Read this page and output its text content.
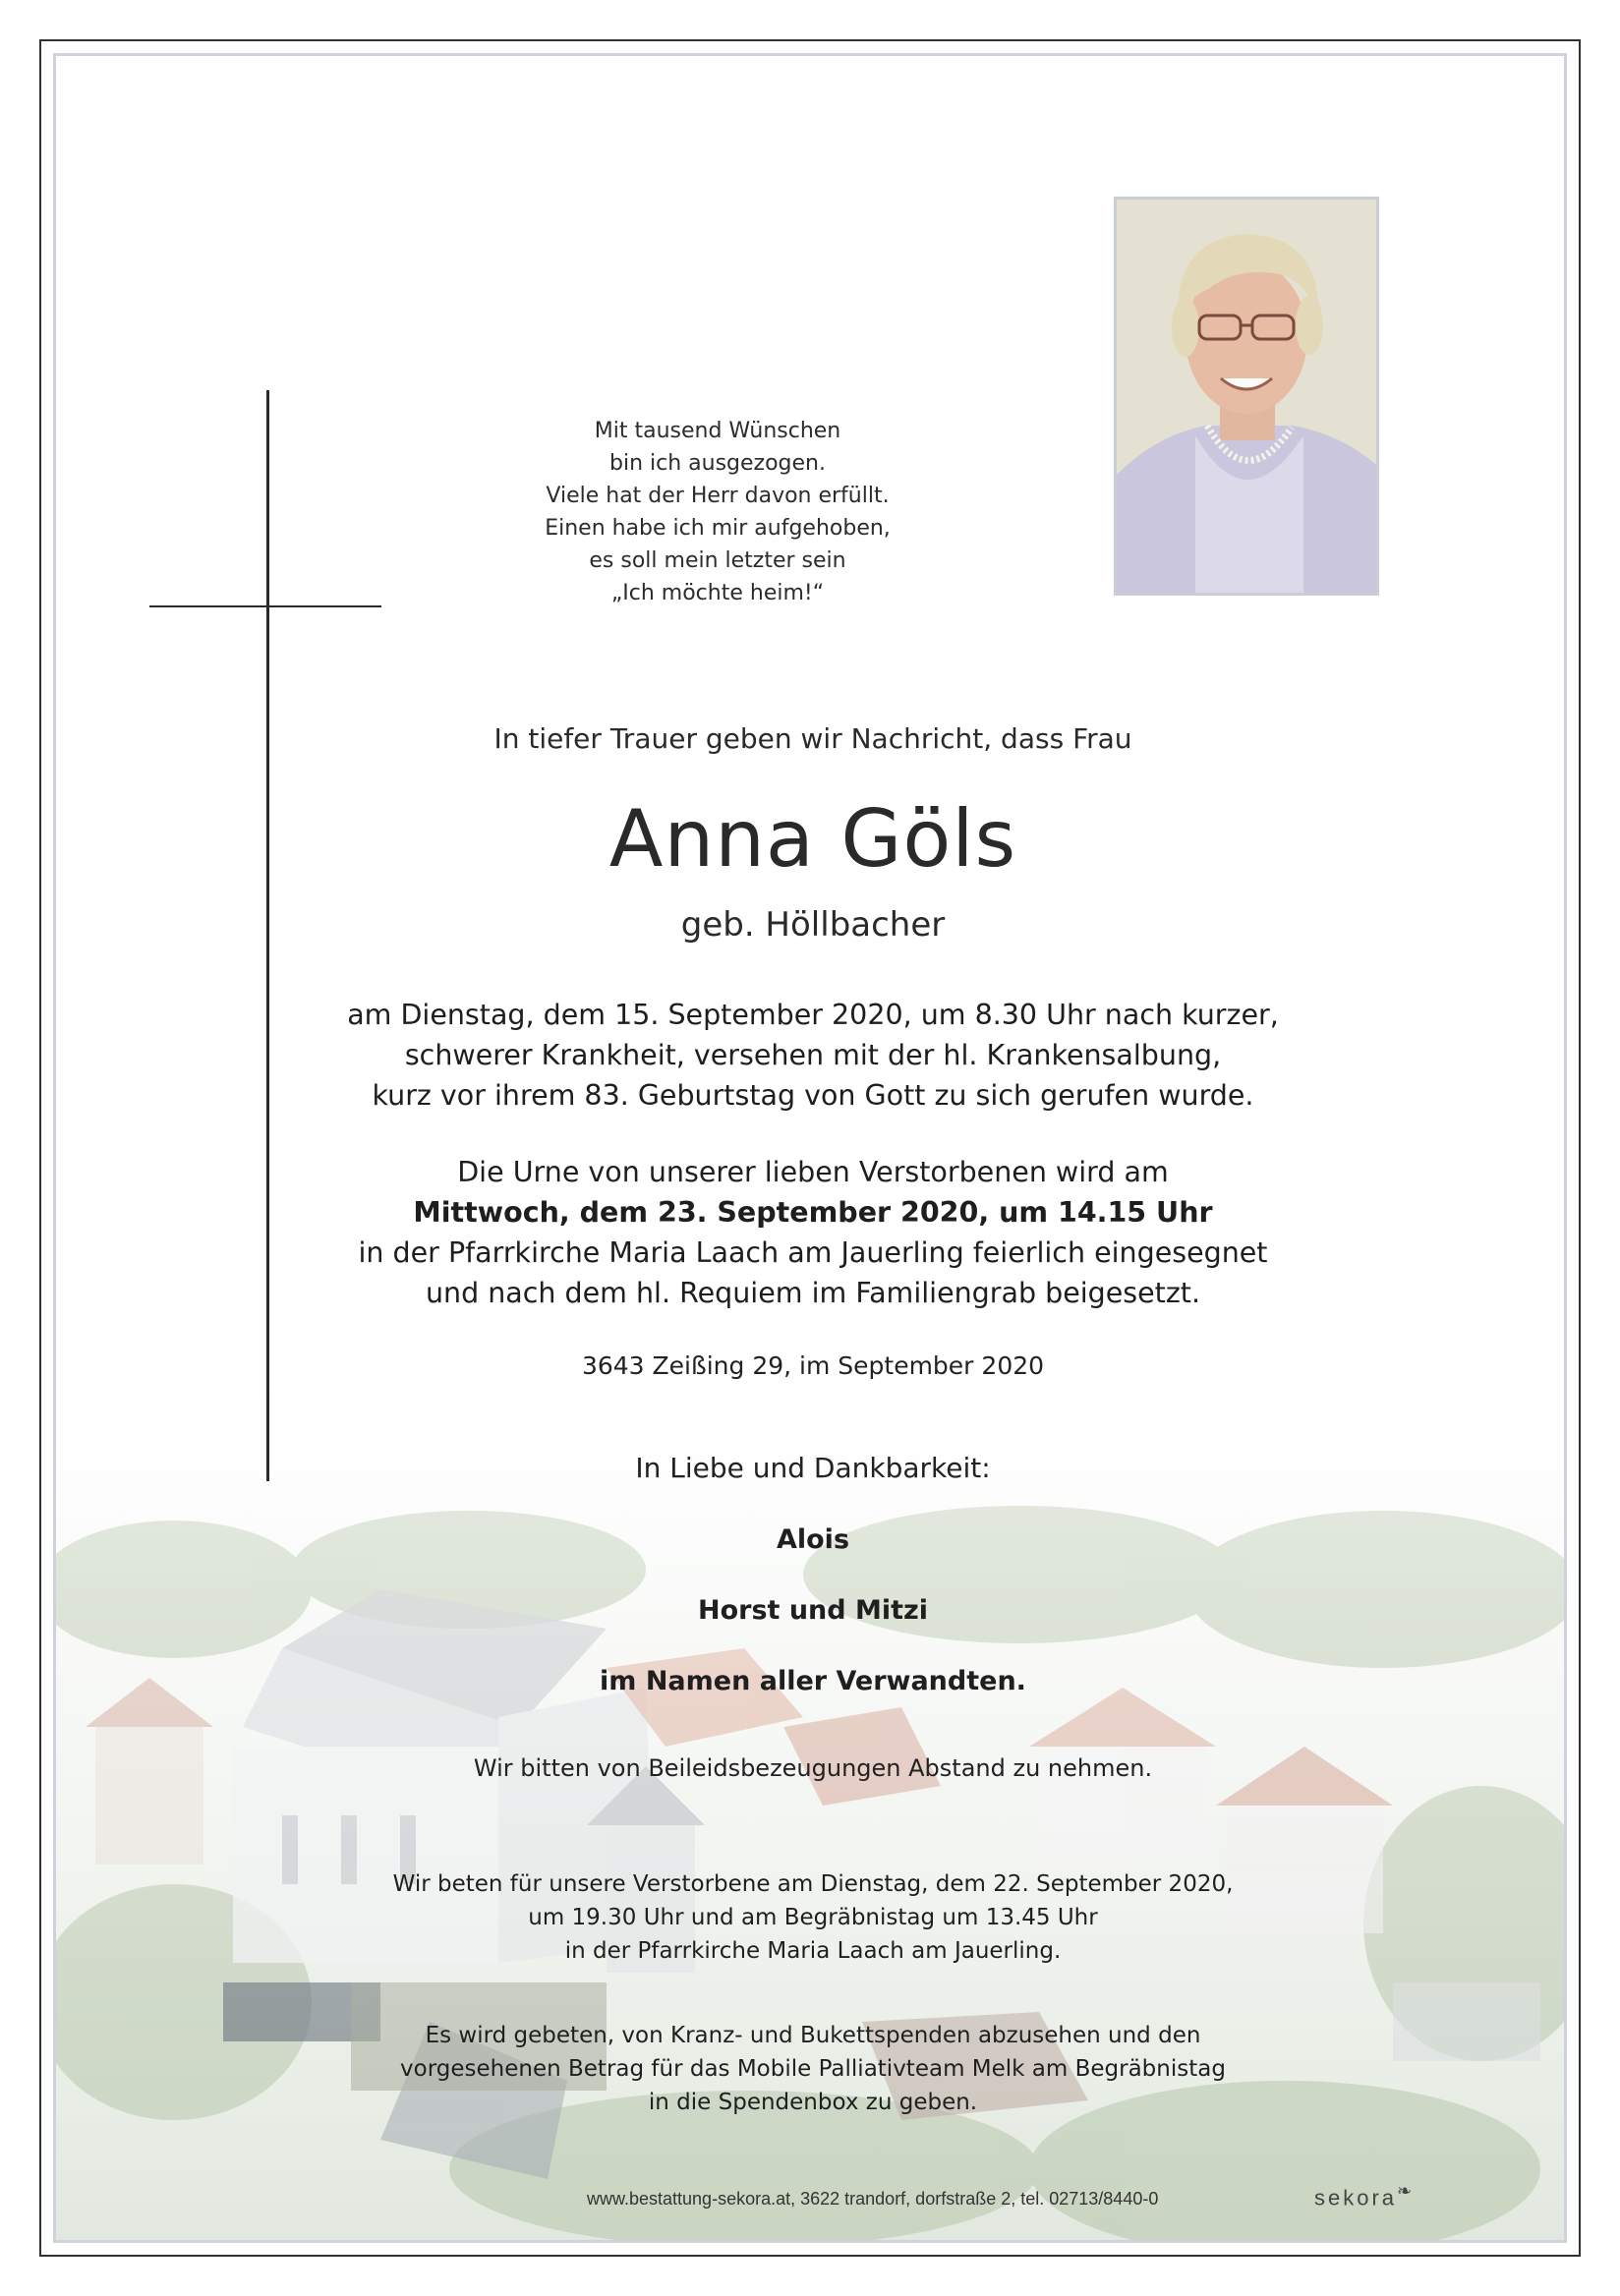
Mit tausend Wünschen
bin ich ausgezogen.
Viele hat der Herr davon erfüllt.
Einen habe ich mir aufgehoben,
es soll mein letzter sein
„Ich möchte heim!“
In tiefer Trauer geben wir Nachricht, dass Frau
Anna Göls
geb. Höllbacher
am Dienstag, dem 15. September 2020, um 8.30 Uhr nach kurzer,
schwerer Krankheit, versehen mit der hl. Krankensalbung,
kurz vor ihrem 83. Geburtstag von Gott zu sich gerufen wurde.
Die Urne von unserer lieben Verstorbenen wird am
Mittwoch, dem 23. September 2020, um 14.15 Uhr
in der Pfarrkirche Maria Laach am Jauerling feierlich eingesegnet
und nach dem hl. Requiem im Familiengrab beigesetzt.
3643 Zeißing 29, im September 2020
In Liebe und Dankbarkeit:
Alois
Horst und Mitzi
im Namen aller Verwandten.
Wir bitten von Beileidsbezeugungen Abstand zu nehmen.
Wir beten für unsere Verstorbene am Dienstag, dem 22. September 2020,
um 19.30 Uhr und am Begräbnistag um 13.45 Uhr
in der Pfarrkirche Maria Laach am Jauerling.
Es wird gebeten, von Kranz- und Bukettspenden abzusehen und den
vorgesehenen Betrag für das Mobile Palliativteam Melk am Begräbnistag
in die Spendenbox zu geben.
www.bestattung-sekora.at, 3622 trandorf, dorfstraße 2, tel. 02713/8440-0	sekora❧
